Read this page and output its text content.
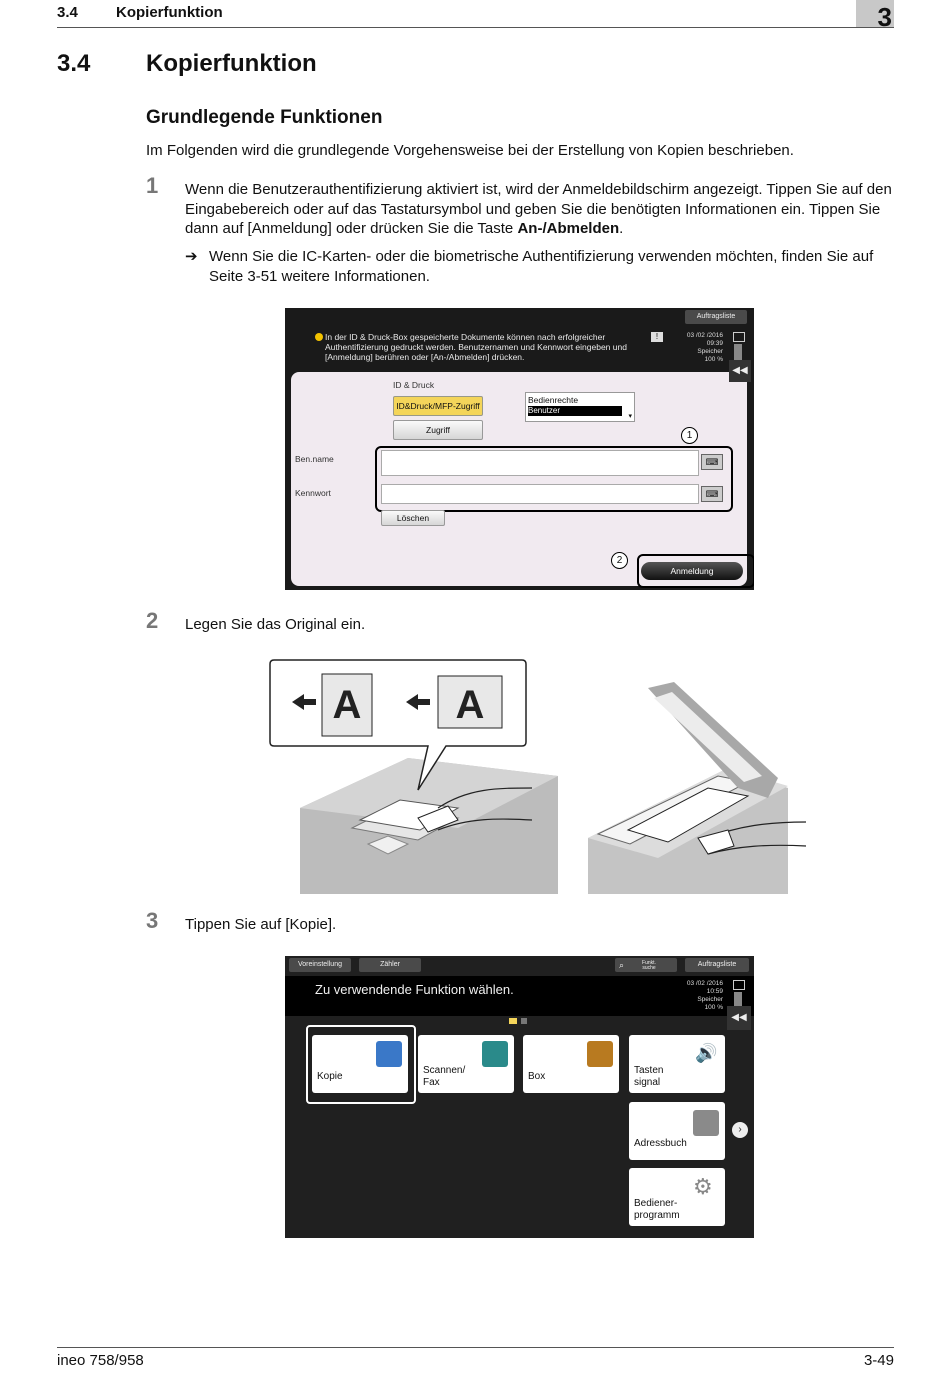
3.4	Kopierfunktion	3
3.4 Kopierfunktion
Grundlegende Funktionen
Im Folgenden wird die grundlegende Vorgehensweise bei der Erstellung von Kopien beschrieben.
1 Wenn die Benutzerauthentifizierung aktiviert ist, wird der Anmeldebildschirm angezeigt. Tippen Sie auf den Eingabebereich oder auf das Tastatursymbol und geben Sie die benötigten Informationen ein. Tippen Sie dann auf [Anmeldung] oder drücken Sie die Taste An-/Abmelden.
➔ Wenn Sie die IC-Karten- oder die biometrische Authentifizierung verwenden möchten, finden Sie auf Seite 3-51 weitere Informationen.
Auftragsliste
In der ID & Druck-Box gespeicherte Dokumente können nach erfolgreicher Authentifizierung gedruckt werden. Benutzernamen und Kennwort eingeben und [Anmeldung] berühren oder [An-/Abmelden] drücken.
!	03 /02 /2016
09:39
Speicher
100 %
ID & Druck
ID&Druck/MFP-Zugriff
Zugriff
Bedienrechte
Benutzer
▾
1
Ben.name	⌨
Kennwort	⌨
Löschen
2
Anmeldung
◀◀
2 Legen Sie das Original ein.
A A
3 Tippen Sie auf [Kopie].
Voreinstellung	Zähler	⌕	Funkt. suche	Auftragsliste
Zu verwendende Funktion wählen.	03 /02 /2016
10:59
Speicher
100 %
◀◀
Kopie
Scannen/
Fax
Box
🔊
Tasten
signal
Adressbuch
⚙
Bediener-
programm
›
ineo 758/958	3-49
